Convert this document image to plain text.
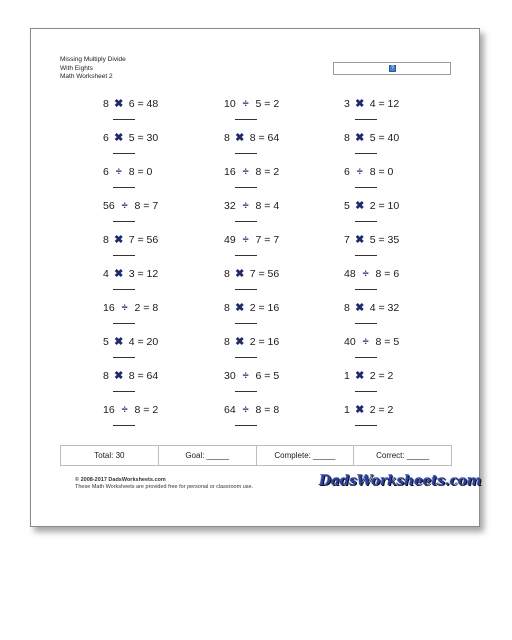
Missing Multiply Divide
With Eights
Math Worksheet 2
?
8 ✖ 6 = 48	10 ÷ 5 = 2	3 ✖ 4 = 12
6 ✖ 5 = 30	8 ✖ 8 = 64	8 ✖ 5 = 40
6 ÷ 8 = 0	16 ÷ 8 = 2	6 ÷ 8 = 0
56 ÷ 8 = 7	32 ÷ 8 = 4	5 ✖ 2 = 10
8 ✖ 7 = 56	49 ÷ 7 = 7	7 ✖ 5 = 35
4 ✖ 3 = 12	8 ✖ 7 = 56	48 ÷ 8 = 6
16 ÷ 2 = 8	8 ✖ 2 = 16	8 ✖ 4 = 32
5 ✖ 4 = 20	8 ✖ 2 = 16	40 ÷ 8 = 5
8 ✖ 8 = 64	30 ÷ 6 = 5	1 ✖ 2 = 2
16 ÷ 8 = 2	64 ÷ 8 = 8	1 ✖ 2 = 2
Total: 30	Goal: _____	Complete: _____	Correct: _____
© 2008-2017 DadsWorksheets.com
These Math Worksheets are provided free for personal or classroom use.	DadsWorksheets.com
